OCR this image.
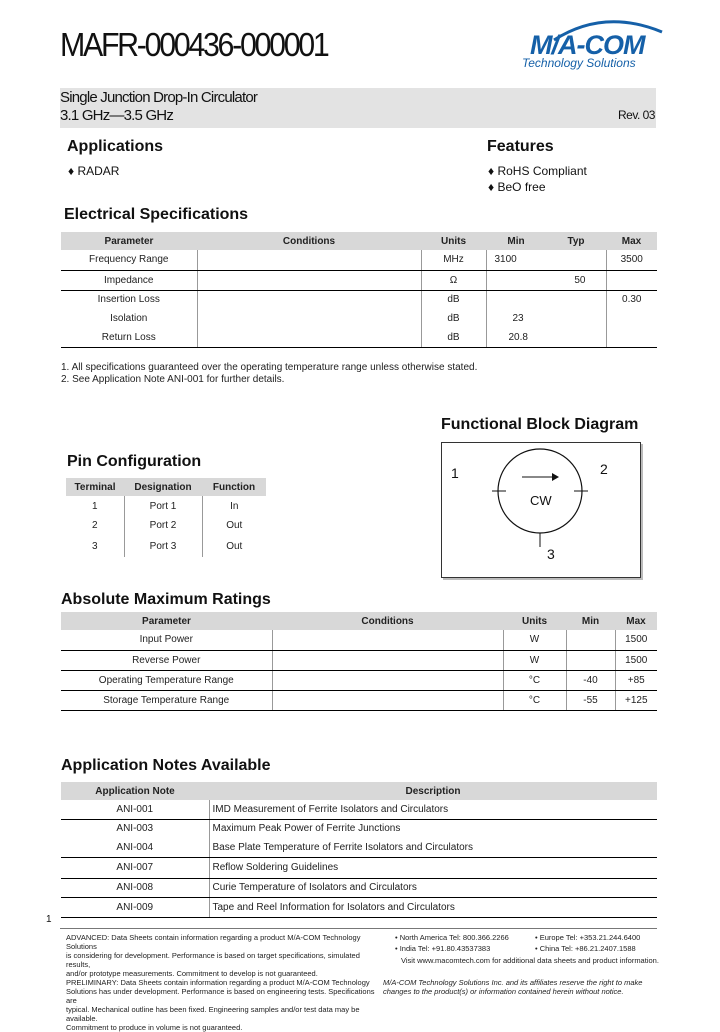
MAFR-000436-000001	M/A-COM
Technology Solutions
Single Junction Drop-In Circulator
3.1 GHz—3.5 GHz	Rev. 03
Applications
♦ RADAR
Features
♦ RoHS Compliant
♦ BeO free
Electrical Specifications
Parameter	Conditions	Units	Min	Typ	Max
Frequency Range		MHz	3100		3500
Impedance		Ω		50	
Insertion Loss		dB			0.30
Isolation		dB	23		
Return Loss		dB	20.8		
1. All specifications guaranteed over the operating temperature range unless otherwise stated.
2. See Application Note ANI-001 for further details.
Functional Block Diagram
1	2
3
CW
Pin Configuration
Terminal	Designation	Function
1	Port 1	In
2	Port 2	Out
3	Port 3	Out
Absolute Maximum Ratings
Parameter	Conditions	Units	Min	Max
Input Power		W		1500
Reverse Power		W		1500
Operating Temperature Range		°C	-40	+85
Storage Temperature Range		°C	-55	+125
Application Notes Available
Application Note	Description
ANI-001	IMD Measurement of Ferrite Isolators and Circulators
ANI-003	Maximum Peak Power of Ferrite Junctions
ANI-004	Base Plate Temperature of Ferrite Isolators and Circulators
ANI-007	Reflow Soldering Guidelines
ANI-008	Curie Temperature of Isolators and Circulators
ANI-009	Tape and Reel Information for Isolators and Circulators
1
ADVANCED: Data Sheets contain information regarding a product M/A-COM Technology Solutions
is considering for development. Performance is based on target specifications, simulated results,
and/or prototype measurements. Commitment to develop is not guaranteed.
PRELIMINARY: Data Sheets contain information regarding a product M/A-COM Technology
Solutions has under development. Performance is based on engineering tests. Specifications are
typical. Mechanical outline has been fixed. Engineering samples and/or test data may be available.
Commitment to produce in volume is not guaranteed.
• North America Tel: 800.366.2266	• Europe Tel: +353.21.244.6400
• India Tel: +91.80.43537383	• China Tel: +86.21.2407.1588
Visit www.macomtech.com for additional data sheets and product information.
M/A-COM Technology Solutions Inc. and its affiliates reserve the right to make
changes to the product(s) or information contained herein without notice.
